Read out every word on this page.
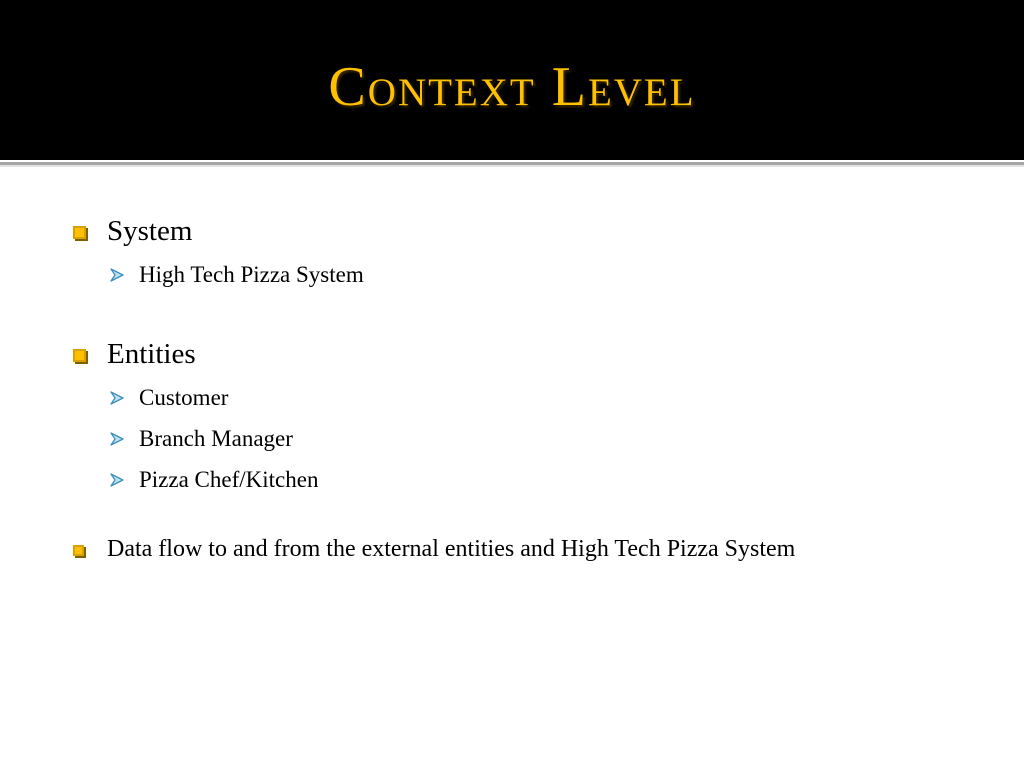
Context Level
System
High Tech Pizza System
Entities
Customer
Branch Manager
Pizza Chef/Kitchen
Data flow to and from the external entities and High Tech Pizza System
